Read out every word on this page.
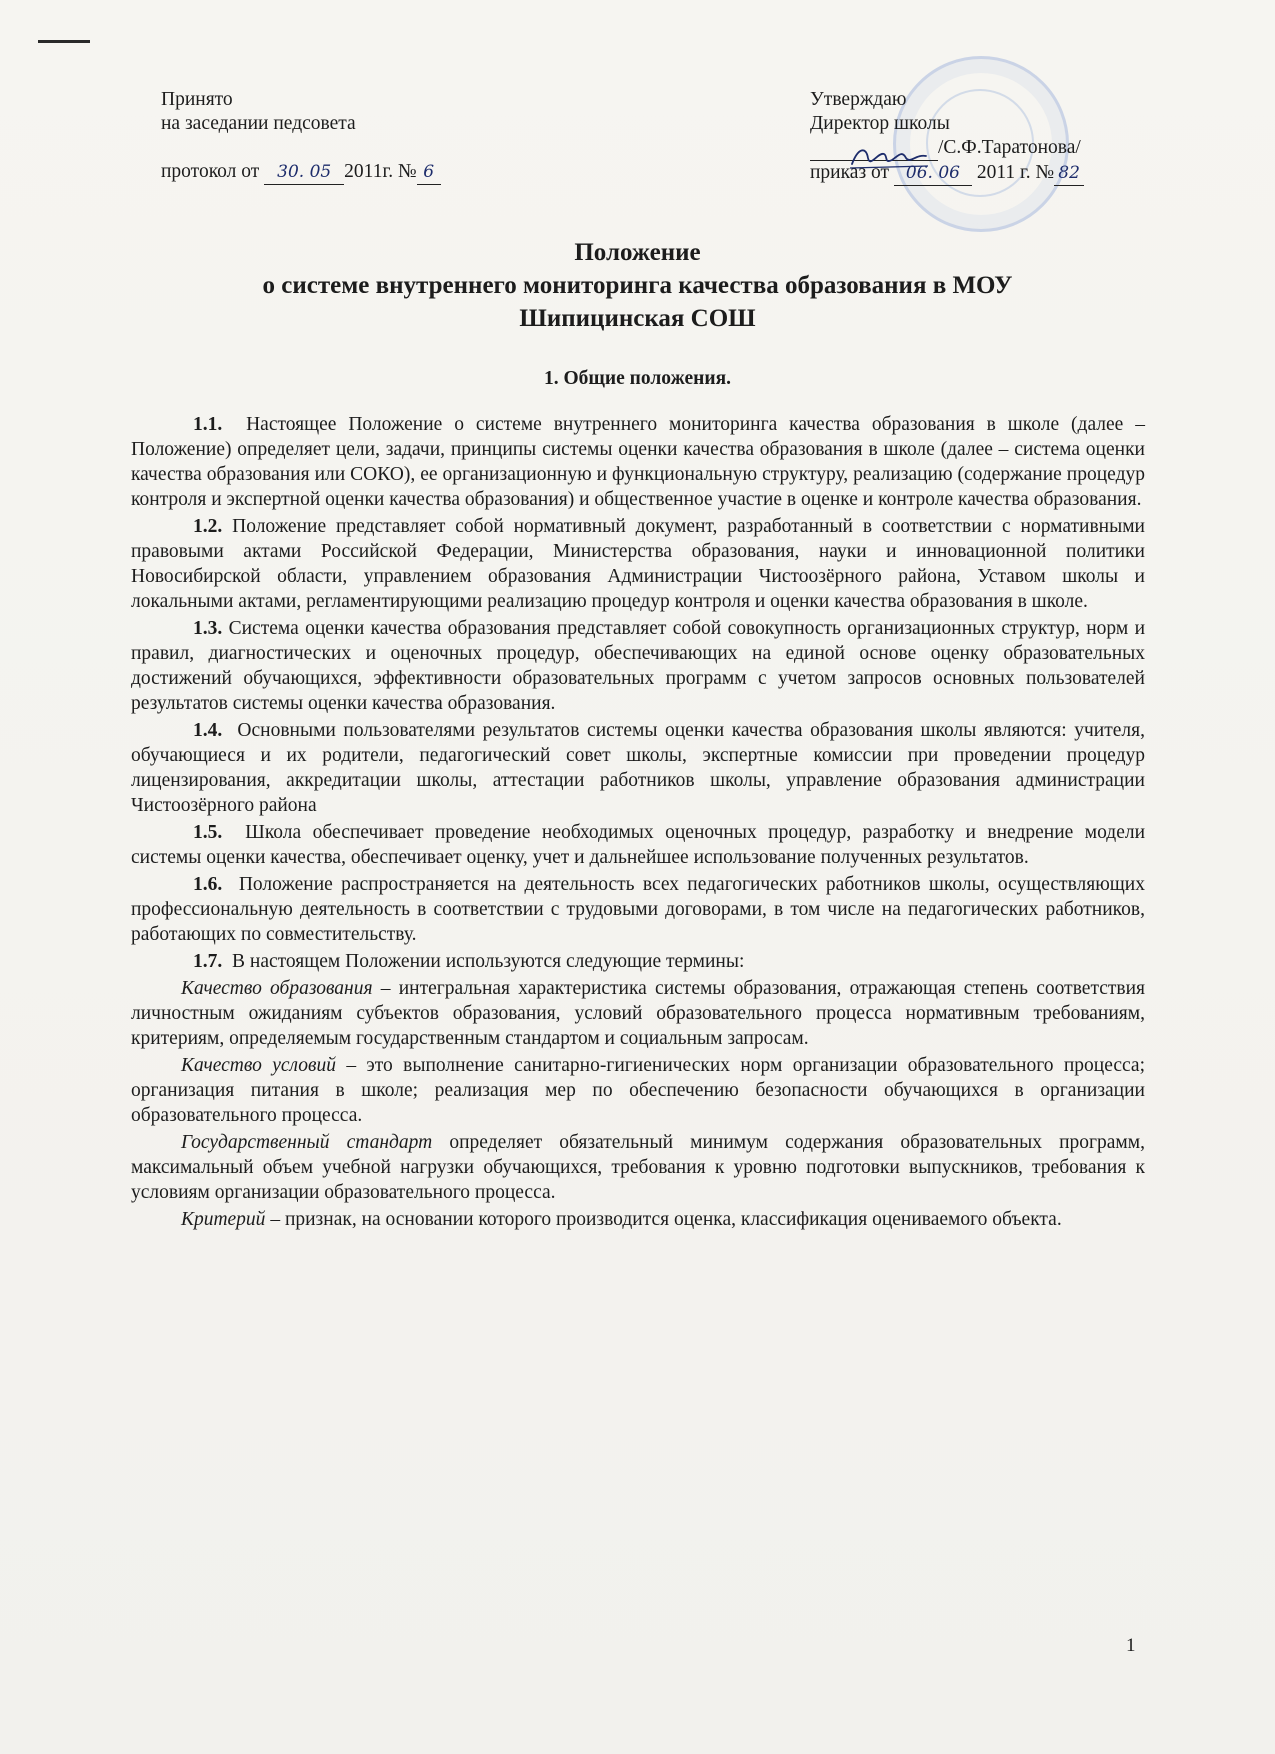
Принято
на заседании педсовета
протокол от 30. 05 2011г. № 6
Утверждаю
Директор школы
/С.Ф.Таратонова/
приказ от 06. 06 2011 г. № 82
Положение
о системе внутреннего мониторинга качества образования в МОУ
Шипицинская СОШ
1. Общие положения.

1.1. Настоящее Положение о системе внутреннего мониторинга качества образования в школе (далее – Положение) определяет цели, задачи, принципы системы оценки качества образования в школе (далее – система оценки качества образования или СОКО), ее организационную и функциональную структуру, реализацию (содержание процедур контроля и экспертной оценки качества образования) и общественное участие в оценке и контроле качества образования.

1.2. Положение представляет собой нормативный документ, разработанный в соответствии с нормативными правовыми актами Российской Федерации, Министерства образования, науки и инновационной политики Новосибирской области, управлением образования Администрации Чистоозёрного района, Уставом школы и локальными актами, регламентирующими реализацию процедур контроля и оценки качества образования в школе.

1.3. Система оценки качества образования представляет собой совокупность организационных структур, норм и правил, диагностических и оценочных процедур, обеспечивающих на единой основе оценку образовательных достижений обучающихся, эффективности образовательных программ с учетом запросов основных пользователей результатов системы оценки качества образования.

1.4. Основными пользователями результатов системы оценки качества образования школы являются: учителя, обучающиеся и их родители, педагогический совет школы, экспертные комиссии при проведении процедур лицензирования, аккредитации школы, аттестации работников школы, управление образования администрации Чистоозёрного района

1.5. Школа обеспечивает проведение необходимых оценочных процедур, разработку и внедрение модели системы оценки качества, обеспечивает оценку, учет и дальнейшее использование полученных результатов.

1.6. Положение распространяется на деятельность всех педагогических работников школы, осуществляющих профессиональную деятельность в соответствии с трудовыми договорами, в том числе на педагогических работников, работающих по совместительству.

1.7. В настоящем Положении используются следующие термины:

Качество образования – интегральная характеристика системы образования, отражающая степень соответствия личностным ожиданиям субъектов образования, условий образовательного процесса нормативным требованиям, критериям, определяемым государственным стандартом и социальным запросам.

Качество условий – это выполнение санитарно-гигиенических норм организации образовательного процесса; организация питания в школе; реализация мер по обеспечению безопасности обучающихся в организации образовательного процесса.

Государственный стандарт определяет обязательный минимум содержания образовательных программ, максимальный объем учебной нагрузки обучающихся, требования к уровню подготовки выпускников, требования к условиям организации образовательного процесса.

Критерий – признак, на основании которого производится оценка, классификация оцениваемого объекта.

1
